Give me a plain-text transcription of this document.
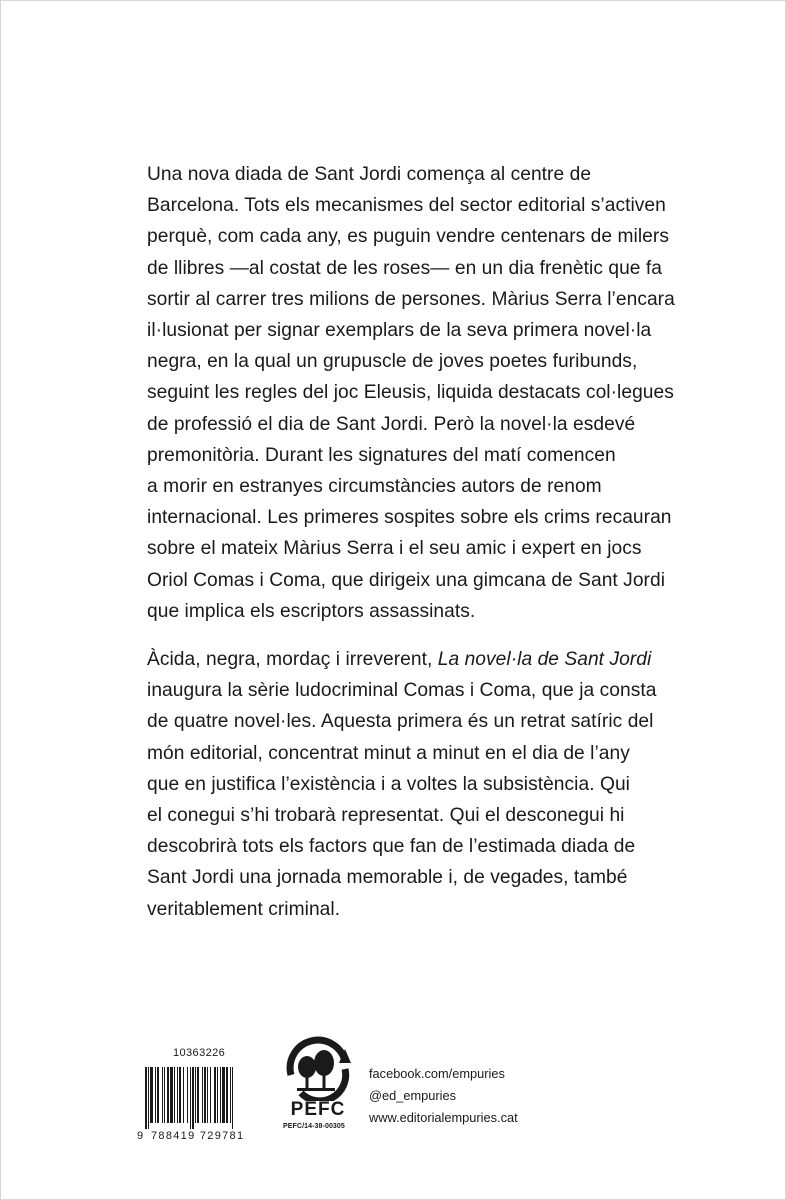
Una nova diada de Sant Jordi comença al centre de
Barcelona. Tots els mecanismes del sector editorial s’activen
perquè, com cada any, es puguin vendre centenars de milers
de llibres —al costat de les roses— en un dia frenètic que fa
sortir al carrer tres milions de persones. Màrius Serra l’encara
il·lusionat per signar exemplars de la seva primera novel·la
negra, en la qual un grupuscle de joves poetes furibunds,
seguint les regles del joc Eleusis, liquida destacats col·legues
de professió el dia de Sant Jordi. Però la novel·la esdevé
premonitòria. Durant les signatures del matí comencen
a morir en estranyes circumstàncies autors de renom
internacional. Les primeres sospites sobre els crims recauran
sobre el mateix Màrius Serra i el seu amic i expert en jocs
Oriol Comas i Coma, que dirigeix una gimcana de Sant Jordi
que implica els escriptors assassinats.

Àcida, negra, mordaç i irreverent, La novel·la de Sant Jordi
inaugura la sèrie ludocriminal Comas i Coma, que ja consta
de quatre novel·les. Aquesta primera és un retrat satíric del
món editorial, concentrat minut a minut en el dia de l’any
que en justifica l’existència i a voltes la subsistència. Qui
el conegui s’hi trobarà representat. Qui el desconegui hi
descobrirà tots els factors que fan de l’estimada diada de
Sant Jordi una jornada memorable i, de vegades, també
veritablement criminal.

10363226
9 788419 729781
PEFC
PEFC/14-38-00305
facebook.com/empuries
@ed_empuries
www.editorialempuries.cat
